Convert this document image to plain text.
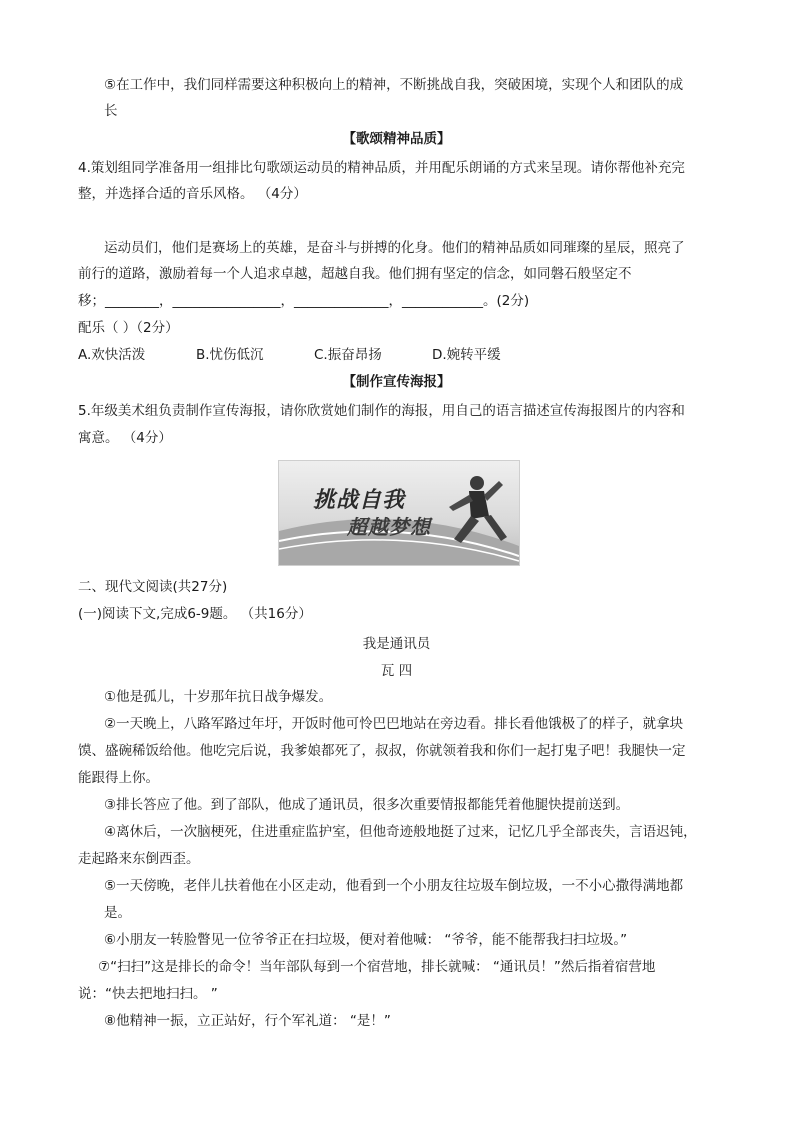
⑤在工作中，我们同样需要这种积极向上的精神，不断挑战自我，突破困境，实现个人和团队的成
长
【歌颂精神品质】
4.策划组同学准备用一组排比句歌颂运动员的精神品质，并用配乐朗诵的方式来呈现。请你帮他补充完
整，并选择合适的音乐风格。 （4分）
运动员们，他们是赛场上的英雄，是奋斗与拼搏的化身。他们的精神品质如同璀璨的星辰，照亮了
前行的道路，激励着每一个人追求卓越，超越自我。他们拥有坚定的信念，如同磐石般坚定不
移；________，________________，______________，____________。(2分)
配乐（ ）（2分）
A.欢快活泼	B.忧伤低沉	C.振奋昂扬	D.婉转平缓
【制作宣传海报】
5.年级美术组负责制作宣传海报，请你欣赏她们制作的海报，用自己的语言描述宣传海报图片的内容和
寓意。 （4分）
挑战自我
超越梦想
二、现代文阅读(共27分)
(一)阅读下文,完成6-9题。 （共16分）
我是通讯员
瓦 四
①他是孤儿，十岁那年抗日战争爆发。
②一天晚上，八路军路过年圩，开饭时他可怜巴巴地站在旁边看。排长看他饿极了的样子，就拿块
馍、盛碗稀饭给他。他吃完后说，我爹娘都死了，叔叔，你就领着我和你们一起打鬼子吧！我腿快一定
能跟得上你。
③排长答应了他。到了部队，他成了通讯员，很多次重要情报都能凭着他腿快提前送到。
④离休后，一次脑梗死，住进重症监护室，但他奇迹般地挺了过来，记忆几乎全部丧失，言语迟钝，
走起路来东倒西歪。
⑤一天傍晚，老伴儿扶着他在小区走动，他看到一个小朋友往垃圾车倒垃圾，一不小心撒得满地都
是。
⑥小朋友一转脸瞥见一位爷爷正在扫垃圾，便对着他喊： “爷爷，能不能帮我扫扫垃圾。”
⑦“扫扫”这是排长的命令！当年部队每到一个宿营地，排长就喊： “通讯员！”然后指着宿营地
说：“快去把地扫扫。 ”
⑧他精神一振，立正站好，行个军礼道： “是！”
